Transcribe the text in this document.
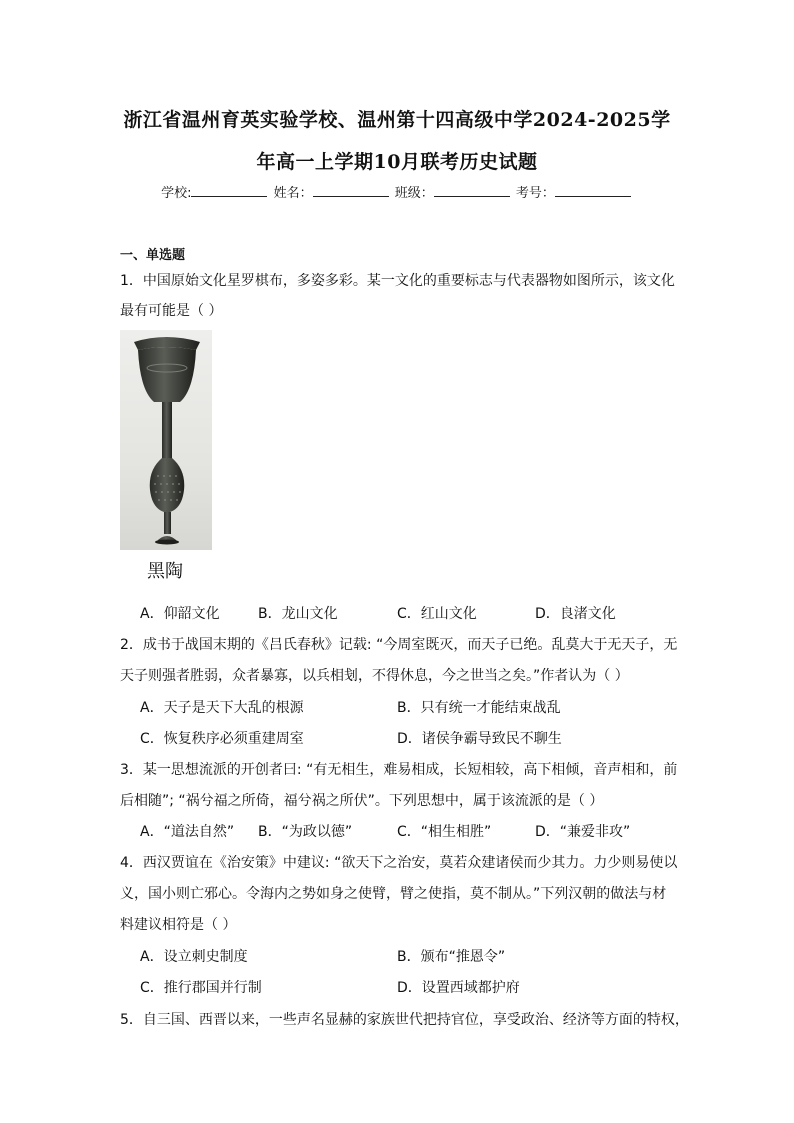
浙江省温州育英实验学校、温州第十四高级中学2024-2025学
年高一上学期10月联考历史试题
学校:	姓名：	班级：	考号：
一、单选题
1．中国原始文化星罗棋布，多姿多彩。某一文化的重要标志与代表器物如图所示，该文化
最有可能是（ ）
黑陶
A．仰韶文化	B．龙山文化	C．红山文化	D．良渚文化
2．成书于战国末期的《吕氏春秋》记载: “今周室既灭，而天子已绝。乱莫大于无天子，无
天子则强者胜弱，众者暴寡，以兵相刬，不得休息，今之世当之矣。”作者认为（ ）
A．天子是天下大乱的根源	B．只有统一才能结束战乱
C．恢复秩序必须重建周室	D．诸侯争霸导致民不聊生
3．某一思想流派的开创者曰: “有无相生，难易相成，长短相较，高下相倾，音声相和，前
后相随”; “祸兮福之所倚，福兮祸之所伏”。下列思想中，属于该流派的是（ ）
A．“道法自然” B．“为政以德”	C．“相生相胜”	D．“兼爱非攻”
4．西汉贾谊在《治安策》中建议: “欲天下之治安，莫若众建诸侯而少其力。力少则易使以
义，国小则亡邪心。令海内之势如身之使臂，臂之使指，莫不制从。”下列汉朝的做法与材
料建议相符是（ ）
A．设立刺史制度	B．颁布“推恩令”
C．推行郡国并行制	D．设置西域都护府
5．自三国、西晋以来，一些声名显赫的家族世代把持官位，享受政治、经济等方面的特权，
